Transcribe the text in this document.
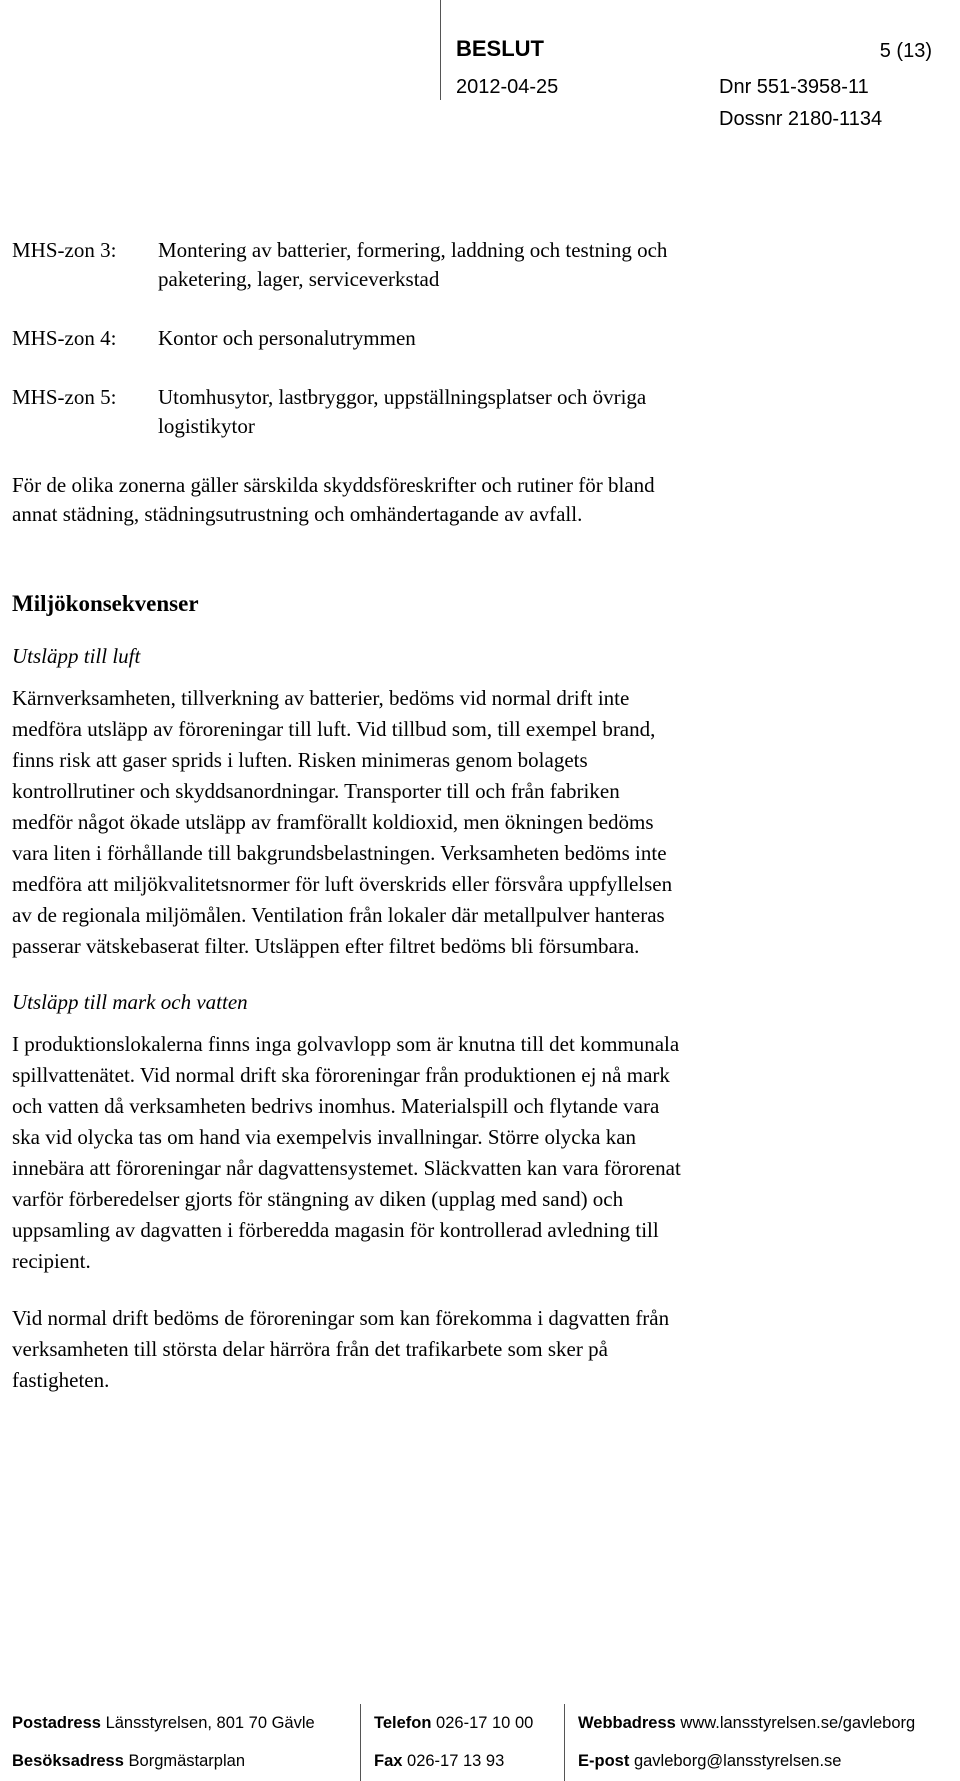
BESLUT	5 (13)
2012-04-25	Dnr 551-3958-11
Dossnr 2180-1134
MHS-zon 3:	Montering av batterier, formering, laddning och testning och
paketering, lager, serviceverkstad
MHS-zon 4:	Kontor och personalutrymmen
MHS-zon 5:	Utomhusytor, lastbryggor, uppställningsplatser och övriga
logistikytor
För de olika zonerna gäller särskilda skyddsföreskrifter och rutiner för bland
annat städning, städningsutrustning och omhändertagande av avfall.
Miljökonsekvenser
Utsläpp till luft
Kärnverksamheten, tillverkning av batterier, bedöms vid normal drift inte
medföra utsläpp av föroreningar till luft. Vid tillbud som, till exempel brand,
finns risk att gaser sprids i luften. Risken minimeras genom bolagets
kontrollrutiner och skyddsanordningar. Transporter till och från fabriken
medför något ökade utsläpp av framförallt koldioxid, men ökningen bedöms
vara liten i förhållande till bakgrundsbelastningen. Verksamheten bedöms inte
medföra att miljökvalitetsnormer för luft överskrids eller försvåra uppfyllelsen
av de regionala miljömålen. Ventilation från lokaler där metallpulver hanteras
passerar vätskebaserat filter. Utsläppen efter filtret bedöms bli försumbara.
Utsläpp till mark och vatten
I produktionslokalerna finns inga golvavlopp som är knutna till det kommunala
spillvattenätet. Vid normal drift ska föroreningar från produktionen ej nå mark
och vatten då verksamheten bedrivs inomhus. Materialspill och flytande vara
ska vid olycka tas om hand via exempelvis invallningar. Större olycka kan
innebära att föroreningar når dagvattensystemet. Släckvatten kan vara förorenat
varför förberedelser gjorts för stängning av diken (upplag med sand) och
uppsamling av dagvatten i förberedda magasin för kontrollerad avledning till
recipient.
Vid normal drift bedöms de föroreningar som kan förekomma i dagvatten från
verksamheten till största delar härröra från det trafikarbete som sker på
fastigheten.
Postadress Länsstyrelsen, 801 70 Gävle
Besöksadress Borgmästarplan
Telefon 026-17 10 00
Fax 026-17 13 93
Webbadress www.lansstyrelsen.se/gavleborg
E-post gavleborg@lansstyrelsen.se
